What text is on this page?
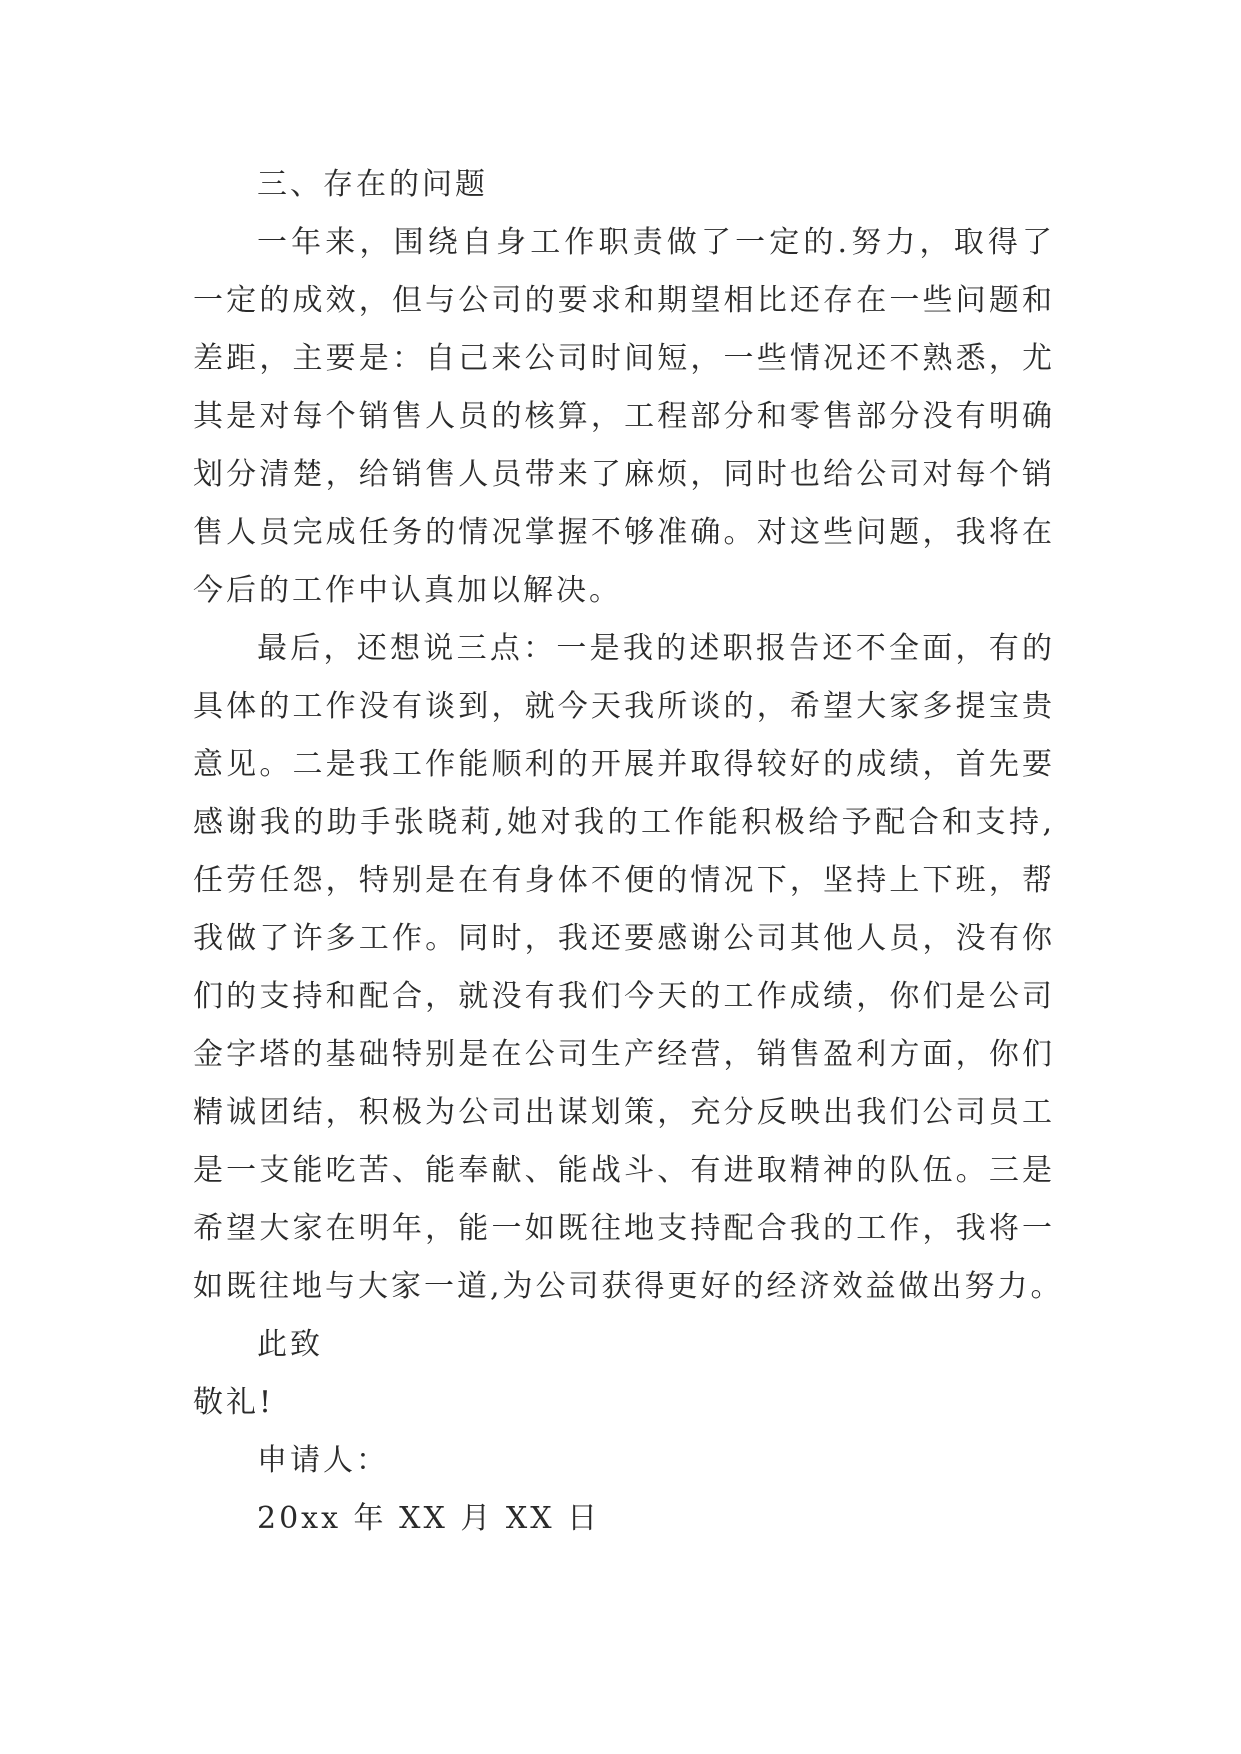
三、存在的问题
一年来，围绕自身工作职责做了一定的.努力，取得了
一定的成效，但与公司的要求和期望相比还存在一些问题和
差距，主要是：自己来公司时间短，一些情况还不熟悉，尤
其是对每个销售人员的核算，工程部分和零售部分没有明确
划分清楚，给销售人员带来了麻烦，同时也给公司对每个销
售人员完成任务的情况掌握不够准确。对这些问题，我将在
今后的工作中认真加以解决。
最后，还想说三点：一是我的述职报告还不全面，有的
具体的工作没有谈到，就今天我所谈的，希望大家多提宝贵
意见。二是我工作能顺利的开展并取得较好的成绩，首先要
感谢我的助手张晓莉,她对我的工作能积极给予配合和支持,
任劳任怨，特别是在有身体不便的情况下，坚持上下班，帮
我做了许多工作。同时，我还要感谢公司其他人员，没有你
们的支持和配合，就没有我们今天的工作成绩，你们是公司
金字塔的基础特别是在公司生产经营，销售盈利方面，你们
精诚团结，积极为公司出谋划策，充分反映出我们公司员工
是一支能吃苦、能奉献、能战斗、有进取精神的队伍。三是
希望大家在明年，能一如既往地支持配合我的工作，我将一
如既往地与大家一道,为公司获得更好的经济效益做出努力。
此致
敬礼!
申请人：
20xx 年 XX 月 XX 日
